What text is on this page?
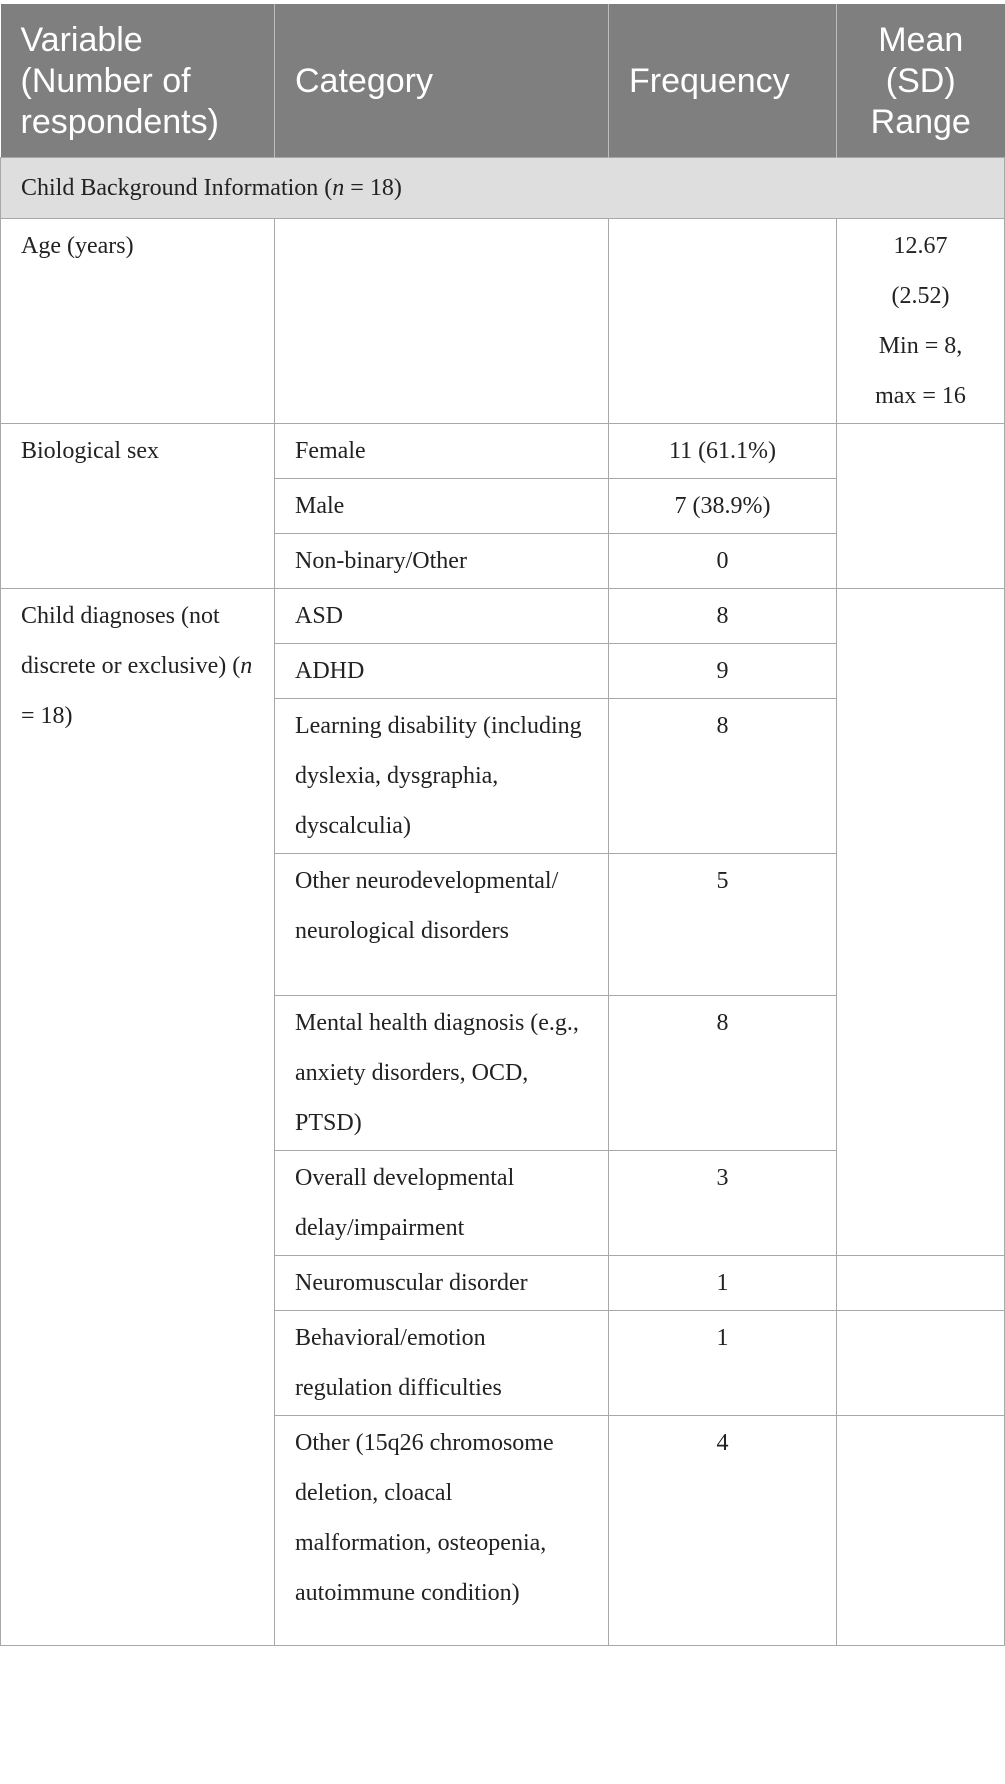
Variable (Number of respondents)	Category	Frequency	Mean (SD) Range
Child Background Information (n = 18)			

Age (years)			12.67
(2.52)
Min = 8,
max = 16

Biological sex	Female	11 (61.1%)	

	Male	7 (38.9%)	

	Non-binary/Other	0	

Child diagnoses (not discrete or exclusive) (n = 18)	ASD	8	

	ADHD	9	

	Learning disability (including dyslexia, dysgraphia, dyscalculia)	8	

	Other neurodevelopmental/ neurological disorders	5	

	Mental health diagnosis (e.g., anxiety disorders, OCD, PTSD)	8	

	Overall developmental delay/impairment	3	

	Neuromuscular disorder	1	

	Behavioral/emotion regulation difficulties	1	

	Other (15q26 chromosome deletion, cloacal malformation, osteopenia, autoimmune condition)	4	
